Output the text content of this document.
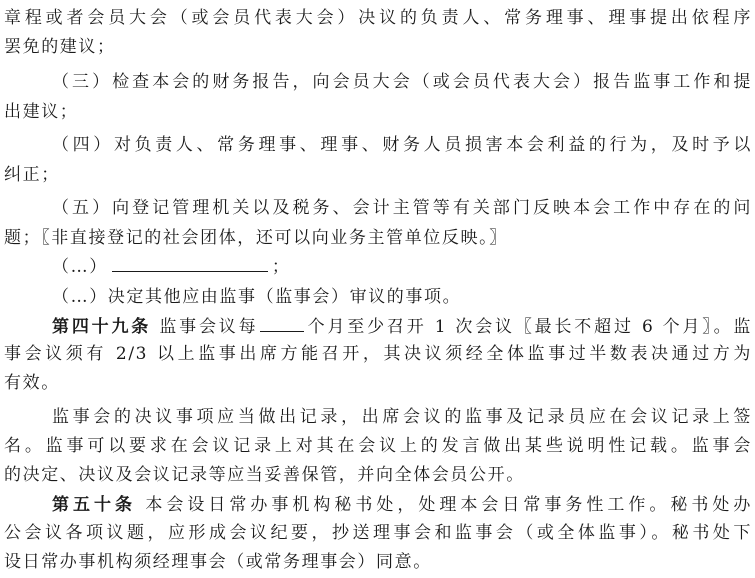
章程或者会员大会（或会员代表大会）决议的负责人、常务理事、理事提出依程序
罢免的建议；
（三）检查本会的财务报告，向会员大会（或会员代表大会）报告监事工作和提
出建议；
（四）对负责人、常务理事、理事、财务人员损害本会利益的行为，及时予以
纠正；
（五）向登记管理机关以及税务、会计主管等有关部门反映本会工作中存在的问
题；〖非直接登记的社会团体，还可以向业务主管单位反映。〗
（…）	；
（…）决定其他应由监事（监事会）审议的事项。
第四十九条 监事会议每	个月至少召开 1 次会议〖最长不超过 6 个月〗。监
事会议须有 2/3 以上监事出席方能召开，其决议须经全体监事过半数表决通过方为
有效。
监事会的决议事项应当做出记录，出席会议的监事及记录员应在会议记录上签
名。监事可以要求在会议记录上对其在会议上的发言做出某些说明性记载。监事会
的决定、决议及会议记录等应当妥善保管，并向全体会员公开。
第五十条 本会设日常办事机构秘书处，处理本会日常事务性工作。秘书处办
公会议各项议题，应形成会议纪要，抄送理事会和监事会（或全体监事）。秘书处下
设日常办事机构须经理事会（或常务理事会）同意。
